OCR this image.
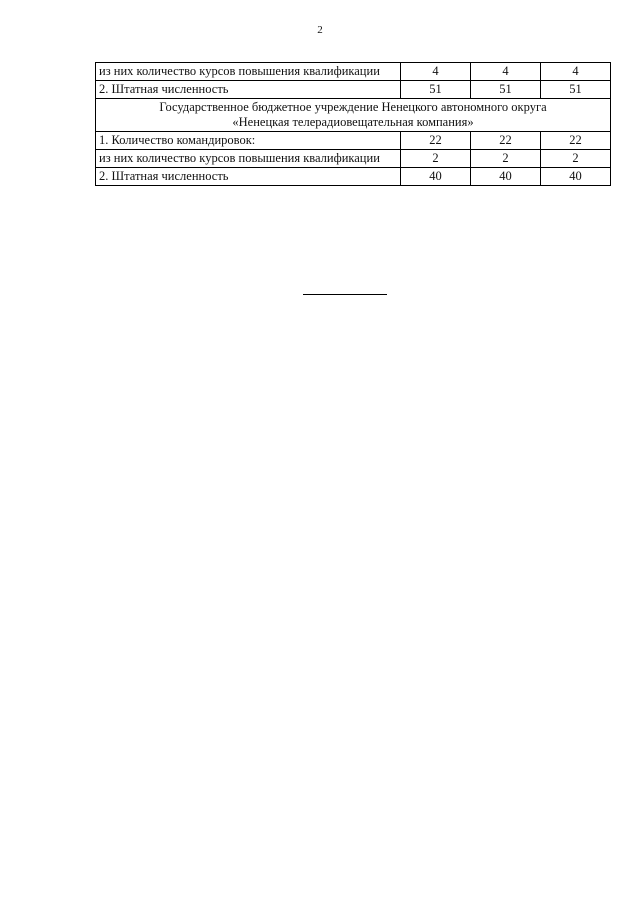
2
из них количество курсов повышения квалификации	4	4	4
2. Штатная численность	51	51	51

Государственное бюджетное учреждение Ненецкого автономного округа
«Ненецкая телерадиовещательная компания»			

1. Количество командировок:	22	22	22
из них количество курсов повышения квалификации	2	2	2
2. Штатная численность	40	40	40
